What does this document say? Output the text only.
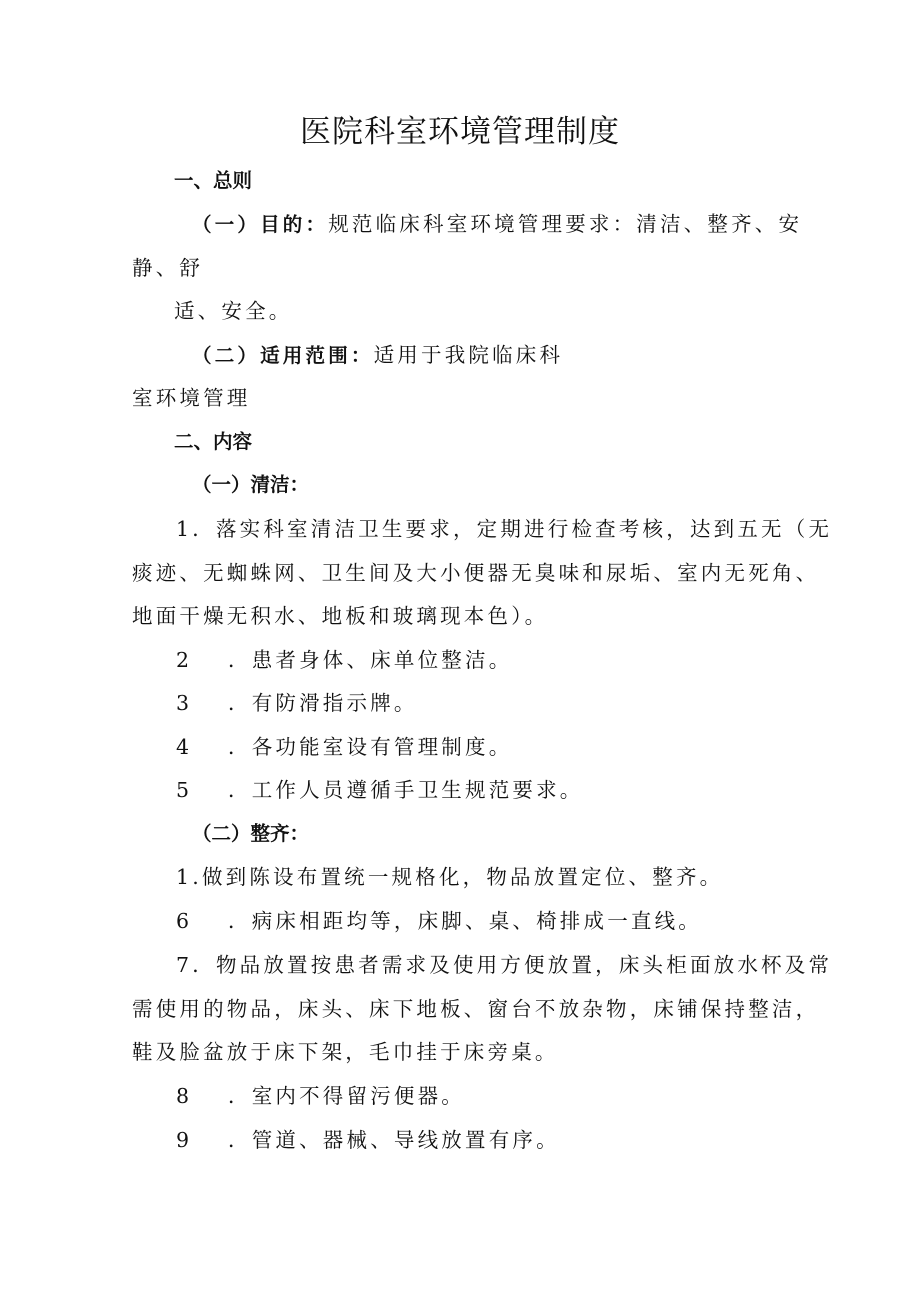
医院科室环境管理制度
一、总则
（一）目的：规范临床科室环境管理要求：清洁、整齐、安
静、舒
适、安全。
（二）适用范围：适用于我院临床科
室环境管理
二、内容
（一）清洁：
1．落实科室清洁卫生要求，定期进行检查考核，达到五无（无
痰迹、无蜘蛛网、卫生间及大小便器无臭味和尿垢、室内无死角、
地面干燥无积水、地板和玻璃现本色）。
2 ．患者身体、床单位整洁。
3 ．有防滑指示牌。
4 ．各功能室设有管理制度。
5 ．工作人员遵循手卫生规范要求。
（二）整齐：
1.做到陈设布置统一规格化，物品放置定位、整齐。
6 ．病床相距均等，床脚、桌、椅排成一直线。
7．物品放置按患者需求及使用方便放置，床头柜面放水杯及常
需使用的物品，床头、床下地板、窗台不放杂物，床铺保持整洁，
鞋及脸盆放于床下架，毛巾挂于床旁桌。
8 ．室内不得留污便器。
9 ．管道、器械、导线放置有序。
